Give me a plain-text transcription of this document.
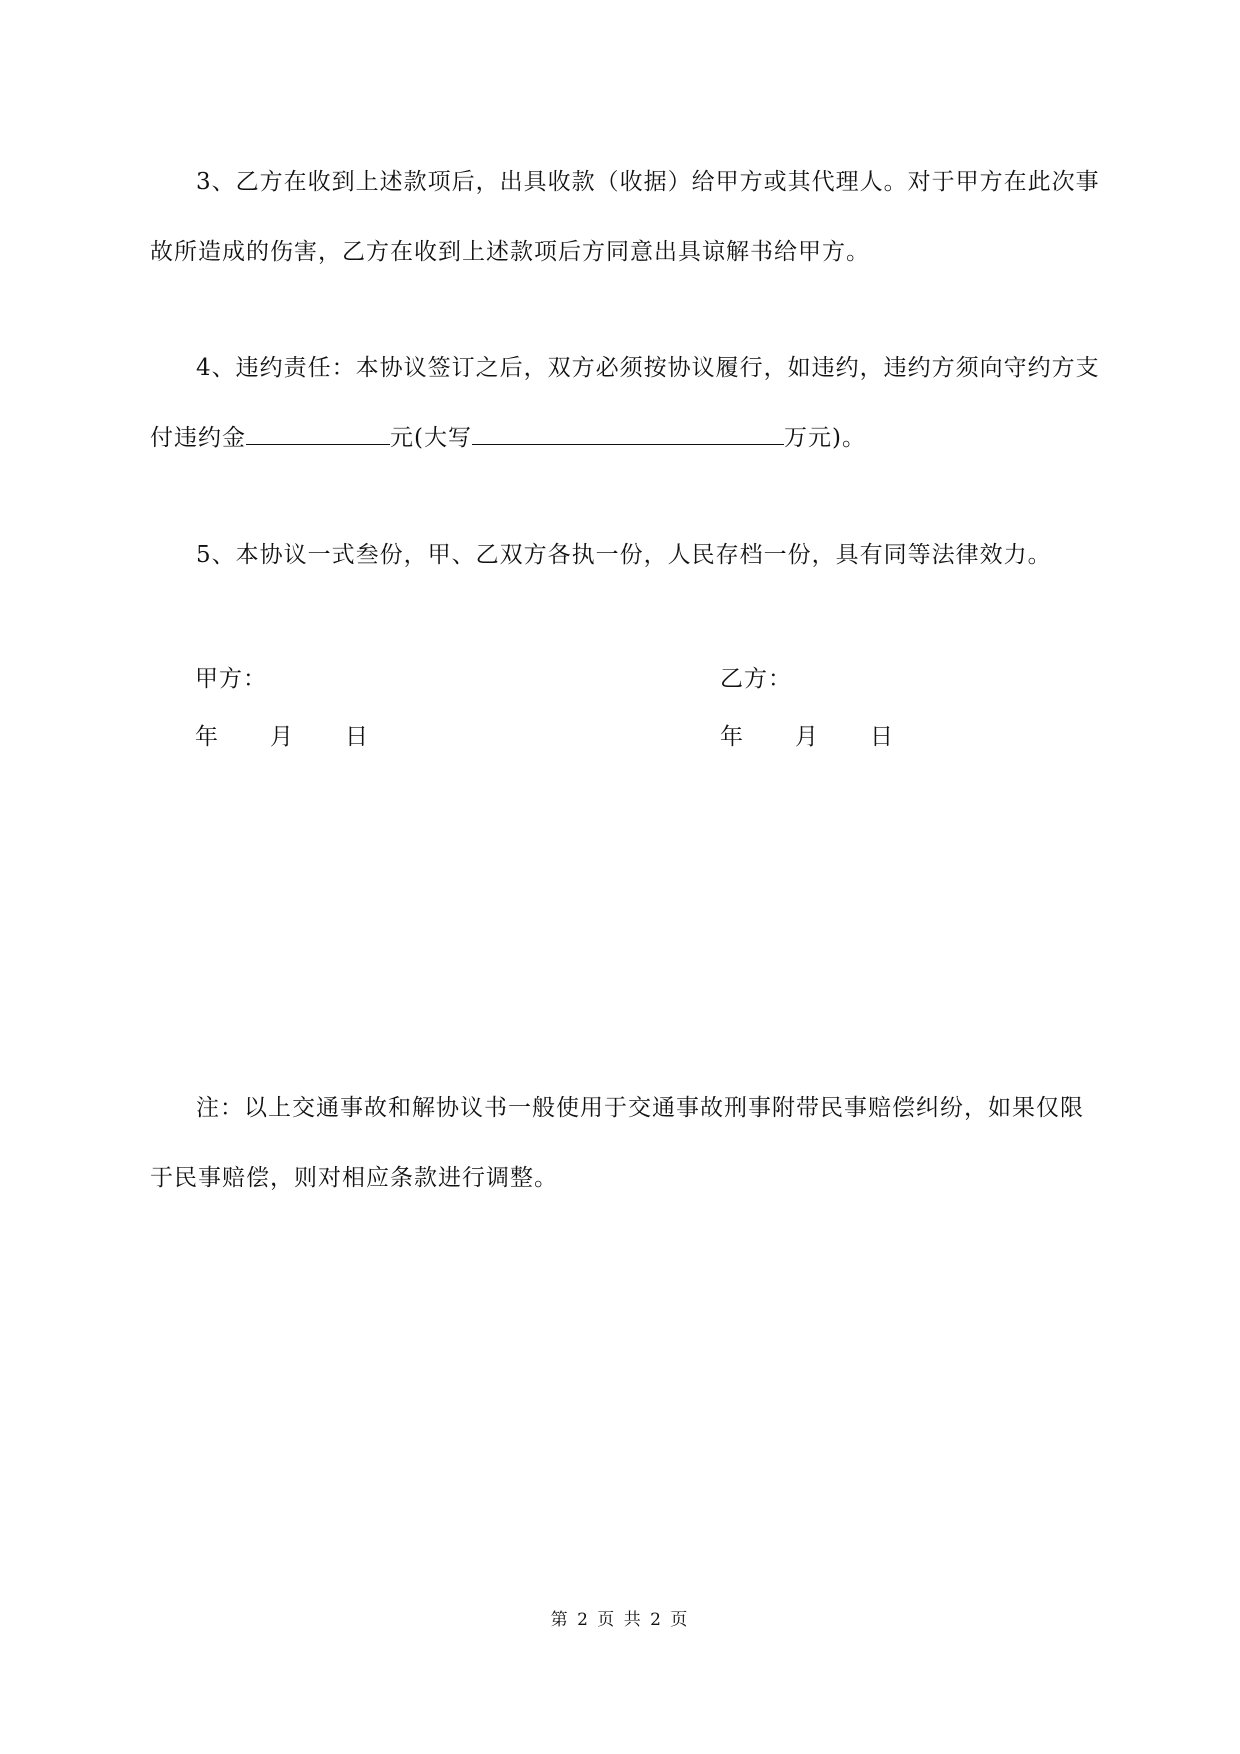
3、乙方在收到上述款项后，出具收款（收据）给甲方或其代理人。对于甲方在此次事故所造成的伤害，乙方在收到上述款项后方同意出具谅解书给甲方。

4、违约责任：本协议签订之后，双方必须按协议履行，如违约，违约方须向守约方支付违约金	元(大写	万元)。

5、本协议一式叁份，甲、乙双方各执一份，人民存档一份，具有同等法律效力。

甲方：	乙方：

年	月	日	年	月	日

注：以上交通事故和解协议书一般使用于交通事故刑事附带民事赔偿纠纷，如果仅限于民事赔偿，则对相应条款进行调整。

第 2 页 共 2 页
